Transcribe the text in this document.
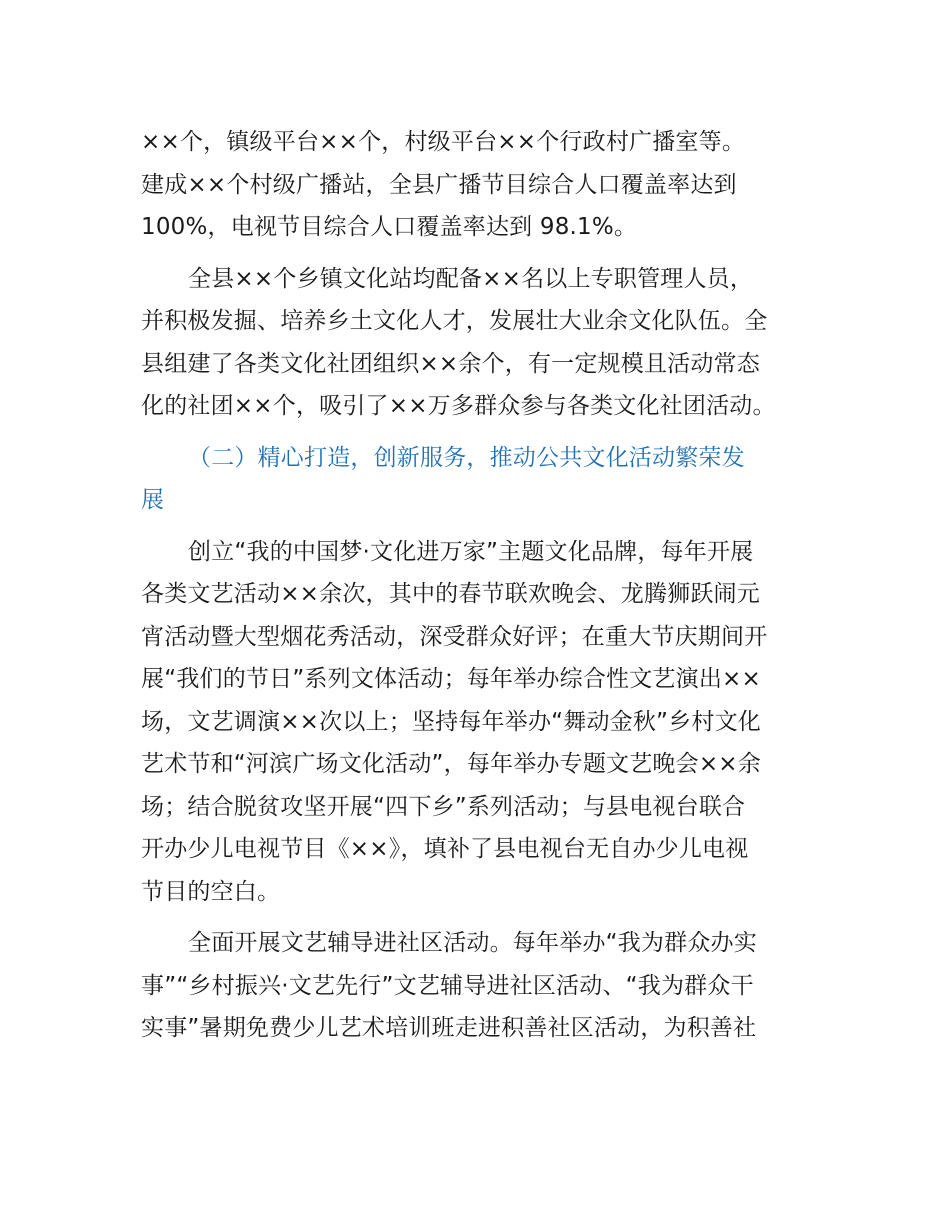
××个，镇级平台××个，村级平台××个行政村广播室等。
建成××个村级广播站，全县广播节目综合人口覆盖率达到
100%，电视节目综合人口覆盖率达到 98.1%。

全县××个乡镇文化站均配备××名以上专职管理人员，
并积极发掘、培养乡土文化人才，发展壮大业余文化队伍。全
县组建了各类文化社团组织××余个，有一定规模且活动常态
化的社团××个，吸引了××万多群众参与各类文化社团活动。

（二）精心打造，创新服务，推动公共文化活动繁荣发
展

创立“我的中国梦·文化进万家”主题文化品牌，每年开展
各类文艺活动××余次，其中的春节联欢晚会、龙腾狮跃闹元
宵活动暨大型烟花秀活动，深受群众好评；在重大节庆期间开
展“我们的节日”系列文体活动；每年举办综合性文艺演出××
场，文艺调演××次以上；坚持每年举办“舞动金秋”乡村文化
艺术节和“河滨广场文化活动”，每年举办专题文艺晚会××余
场；结合脱贫攻坚开展“四下乡”系列活动；与县电视台联合
开办少儿电视节目《××》，填补了县电视台无自办少儿电视
节目的空白。

全面开展文艺辅导进社区活动。每年举办“我为群众办实
事”“乡村振兴·文艺先行”文艺辅导进社区活动、“我为群众干
实事”暑期免费少儿艺术培训班走进积善社区活动，为积善社
